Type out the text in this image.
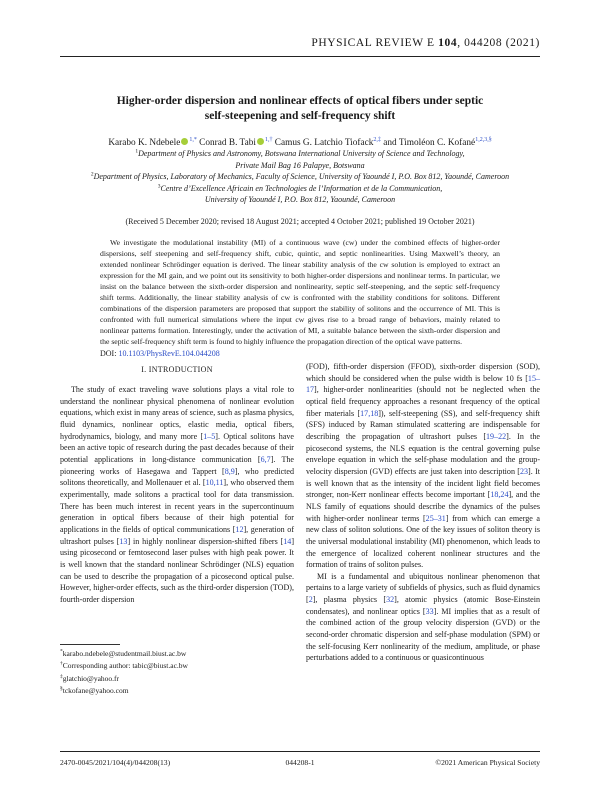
PHYSICAL REVIEW E 104, 044208 (2021)
Higher-order dispersion and nonlinear effects of optical fibers under septic
self-steepening and self-frequency shift
Karabo K. Ndebele $^{1,*}$ Conrad B. Tabi $^{1,\dagger}$ Camus G. Latchio Tiofack$^{2,\ddagger}$ and Timoléon C. Kofané$^{1,2,3,\S}$
$^1$Department of Physics and Astronomy, Botswana International University of Science and Technology,
Private Mail Bag 16 Palapye, Botswana
$^2$Department of Physics, Laboratory of Mechanics, Faculty of Science, University of Yaoundé I, P.O. Box 812, Yaoundé, Cameroon
$^3$Centre d’Excellence Africain en Technologies de l’Information et de la Communication,
University of Yaoundé I, P.O. Box 812, Yaoundé, Cameroon
(Received 5 December 2020; revised 18 August 2021; accepted 4 October 2021; published 19 October 2021)
We investigate the modulational instability (MI) of a continuous wave (cw) under the combined effects of higher-order dispersions, self steepening and self-frequency shift, cubic, quintic, and septic nonlinearities. Using Maxwell’s theory, an extended nonlinear Schrödinger equation is derived. The linear stability analysis of the cw solution is employed to extract an expression for the MI gain, and we point out its sensitivity to both higher-order dispersions and nonlinear terms. In particular, we insist on the balance between the sixth-order dispersion and nonlinearity, septic self-steepening, and the septic self-frequency shift terms. Additionally, the linear stability analysis of cw is confronted with the stability conditions for solitons. Different combinations of the dispersion parameters are proposed that support the stability of solitons and the occurrence of MI. This is confronted with full numerical simulations where the input cw gives rise to a broad range of behaviors, mainly related to nonlinear patterns formation. Interestingly, under the activation of MI, a suitable balance between the sixth-order dispersion and the septic self-frequency shift term is found to highly influence the propagation direction of the optical wave patterns.
DOI: 10.1103/PhysRevE.104.044208
I. INTRODUCTION

The study of exact traveling wave solutions plays a vital role to understand the nonlinear physical phenomena of nonlinear evolution equations, which exist in many areas of science, such as plasma physics, fluid dynamics, nonlinear optics, elastic media, optical fibers, hydrodynamics, biology, and many more [1–5]. Optical solitons have been an active topic of research during the past decades because of their potential applications in long-distance communication [6,7]. The pioneering works of Hasegawa and Tappert [8,9], who predicted solitons theoretically, and Mollenauer et al. [10,11], who observed them experimentally, made solitons a practical tool for data transmission. There has been much interest in recent years in the supercontinuum generation in optical fibers because of their high potential for applications in the fields of optical communications [12], generation of ultrashort pulses [13] in highly nonlinear dispersion-shifted fibers [14] using picosecond or femtosecond laser pulses with high peak power. It is well known that the standard nonlinear Schrödinger (NLS) equation can be used to describe the propagation of a picosecond optical pulse. However, higher-order effects, such as the third-order dispersion (TOD), fourth-order dispersion

(FOD), fifth-order dispersion (FFOD), sixth-order dispersion (SOD), which should be considered when the pulse width is below 10 fs [15–17], higher-order nonlinearities (should not be neglected when the optical field frequency approaches a resonant frequency of the optical fiber materials [17,18]), self-steepening (SS), and self-frequency shift (SFS) induced by Raman stimulated scattering are indispensable for describing the propagation of ultrashort pulses [19–22]. In the picosecond systems, the NLS equation is the central governing pulse envelope equation in which the self-phase modulation and the group-velocity dispersion (GVD) effects are just taken into description [23]. It is well known that as the intensity of the incident light field becomes stronger, non-Kerr nonlinear effects become important [18,24], and the NLS family of equations should describe the dynamics of the pulses with higher-order nonlinear terms [25–31] from which can emerge a new class of soliton solutions. One of the key issues of soliton theory is the universal modulational instability (MI) phenomenon, which leads to the emergence of localized coherent nonlinear structures and the formation of trains of soliton pulses.

MI is a fundamental and ubiquitous nonlinear phenomenon that pertains to a large variety of subfields of physics, such as fluid dynamics [2], plasma physics [32], atomic physics (atomic Bose-Einstein condensates), and nonlinear optics [33]. MI implies that as a result of the combined action of the group velocity dispersion (GVD) or the second-order chromatic dispersion and self-phase modulation (SPM) or the self-focusing Kerr nonlinearity of the medium, amplitude, or phase perturbations added to a continuous or quasicontinuous

*karabo.ndebele@studentmail.biust.ac.bw
†Corresponding author: tabic@biust.ac.bw
‡glatchio@yahoo.fr
§tckofane@yahoo.com
2470-0045/2021/104(4)/044208(13)	044208-1	©2021 American Physical Society
